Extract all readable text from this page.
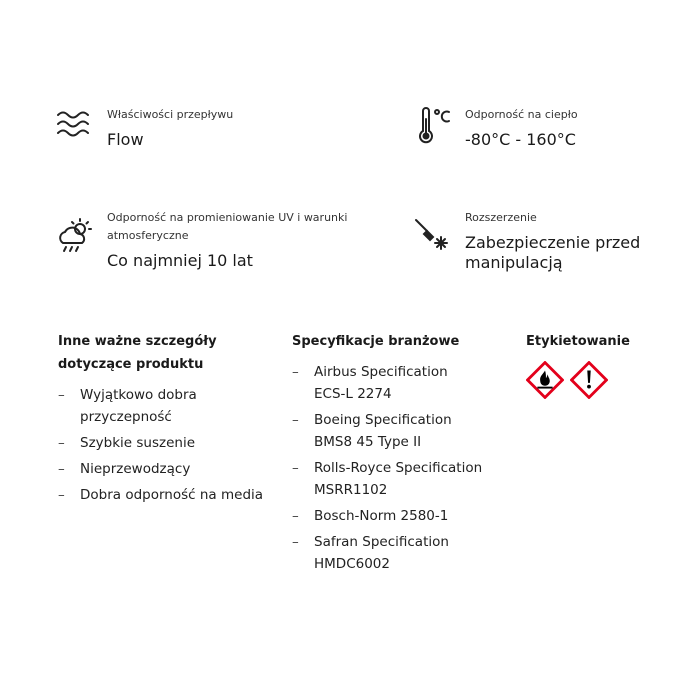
Właściwości przepływu
Flow
Odporność na ciepło
-80°C - 160°C
Odporność na promieniowanie UV i warunki
atmosferyczne
Co najmniej 10 lat
Rozszerzenie
Zabezpieczenie przed
manipulacją
Inne ważne szczegóły
dotyczące produktu
– Wyjątkowo dobra
przyczepność
– Szybkie suszenie
– Nieprzewodzący
– Dobra odporność na media
Specyfikacje branżowe
– Airbus Specification
ECS-L 2274
– Boeing Specification
BMS8 45 Type II
– Rolls-Royce Specification
MSRR1102
– Bosch-Norm 2580-1
– Safran Specification
HMDC6002
Etykietowanie
